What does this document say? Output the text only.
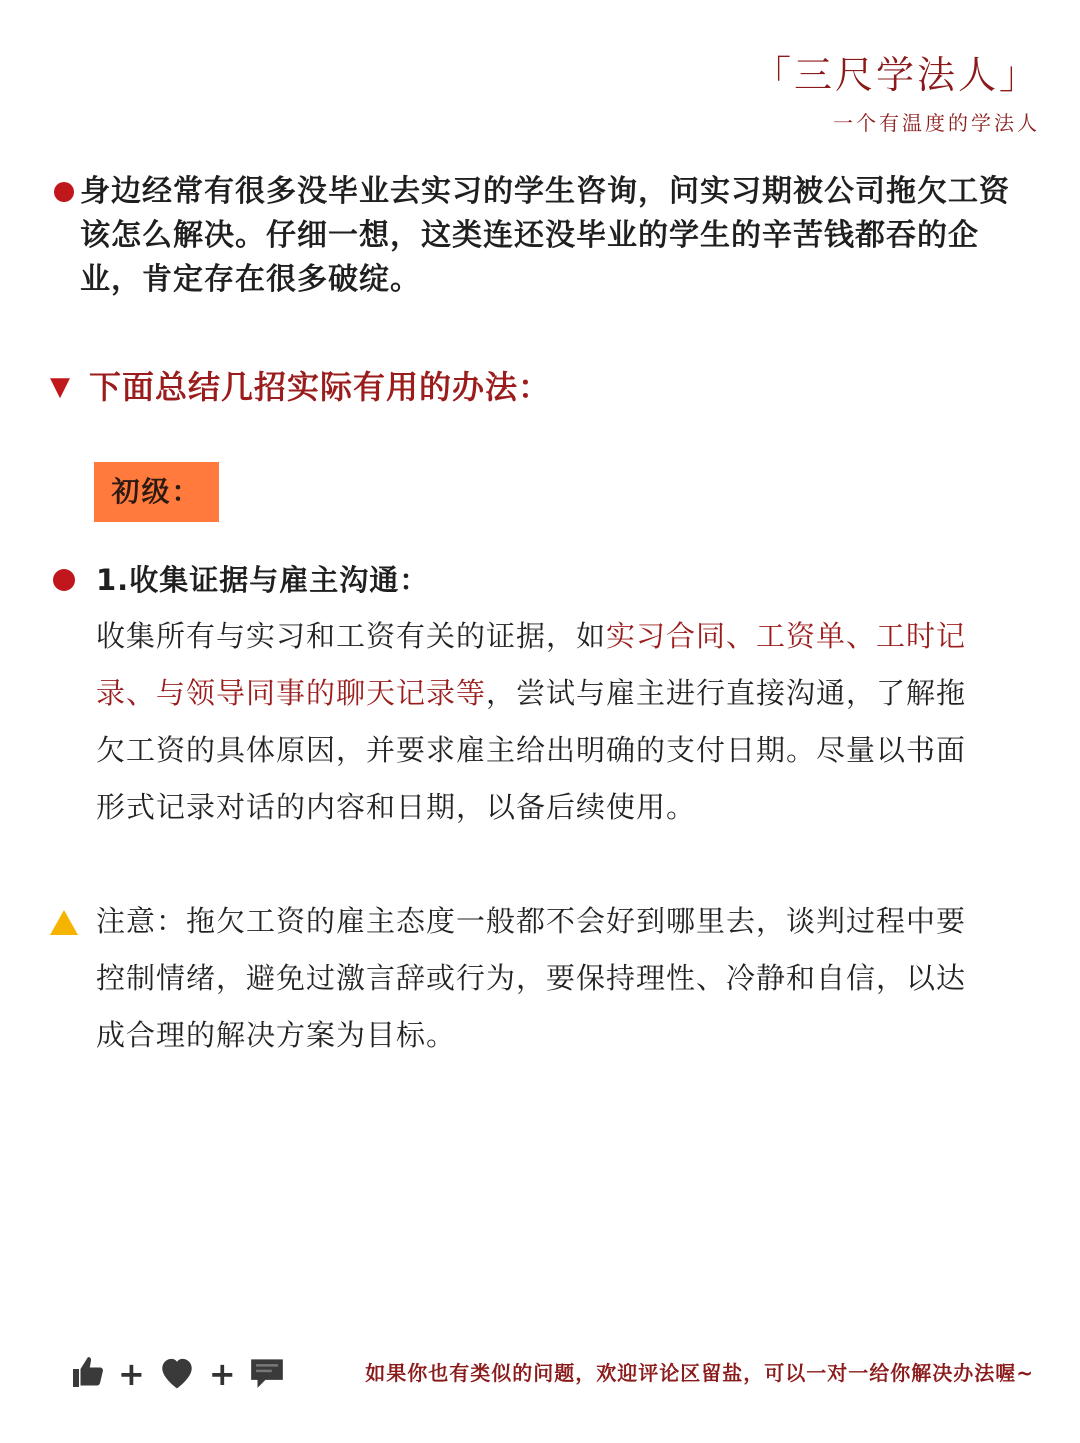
「三尺学法人」
一个有温度的学法人
身边经常有很多没毕业去实习的学生咨询，问实习期被公司拖欠工资该怎么解决。仔细一想，这类连还没毕业的学生的辛苦钱都吞的企业，肯定存在很多破绽。
▼ 下面总结几招实际有用的办法：
初级：
1.收集证据与雇主沟通：
收集所有与实习和工资有关的证据，如实习合同、工资单、工时记录、与领导同事的聊天记录等，尝试与雇主进行直接沟通，了解拖欠工资的具体原因，并要求雇主给出明确的支付日期。尽量以书面形式记录对话的内容和日期，以备后续使用。
注意：拖欠工资的雇主态度一般都不会好到哪里去，谈判过程中要控制情绪，避免过激言辞或行为，要保持理性、冷静和自信，以达成合理的解决方案为目标。
+ +	如果你也有类似的问题，欢迎评论区留盐，可以一对一给你解决办法喔~
